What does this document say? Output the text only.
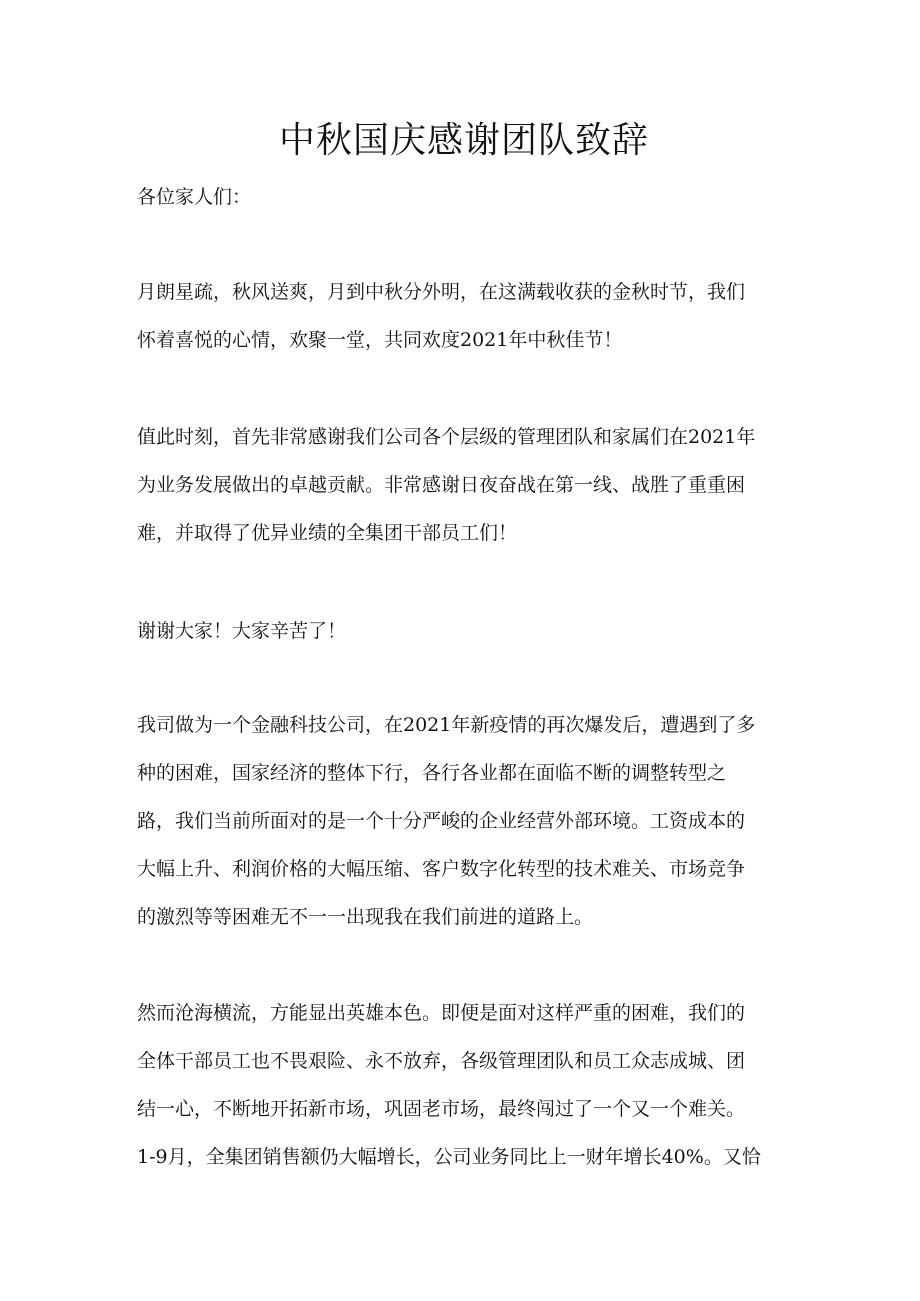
中秋国庆感谢团队致辞

各位家人们：

月朗星疏，秋风送爽，月到中秋分外明，在这满载收获的金秋时节，我们
怀着喜悦的心情，欢聚一堂，共同欢度2021年中秋佳节！

值此时刻，首先非常感谢我们公司各个层级的管理团队和家属们在2021年
为业务发展做出的卓越贡献。非常感谢日夜奋战在第一线、战胜了重重困
难，并取得了优异业绩的全集团干部员工们！

谢谢大家！大家辛苦了！

我司做为一个金融科技公司，在2021年新疫情的再次爆发后，遭遇到了多
种的困难，国家经济的整体下行，各行各业都在面临不断的调整转型之
路，我们当前所面对的是一个十分严峻的企业经营外部环境。工资成本的
大幅上升、利润价格的大幅压缩、客户数字化转型的技术难关、市场竞争
的激烈等等困难无不一一出现我在我们前进的道路上。

然而沧海横流，方能显出英雄本色。即便是面对这样严重的困难，我们的
全体干部员工也不畏艰险、永不放弃，各级管理团队和员工众志成城、团
结一心，不断地开拓新市场，巩固老市场，最终闯过了一个又一个难关。
1-9月，全集团销售额仍大幅增长，公司业务同比上一财年增长40%。又恰
